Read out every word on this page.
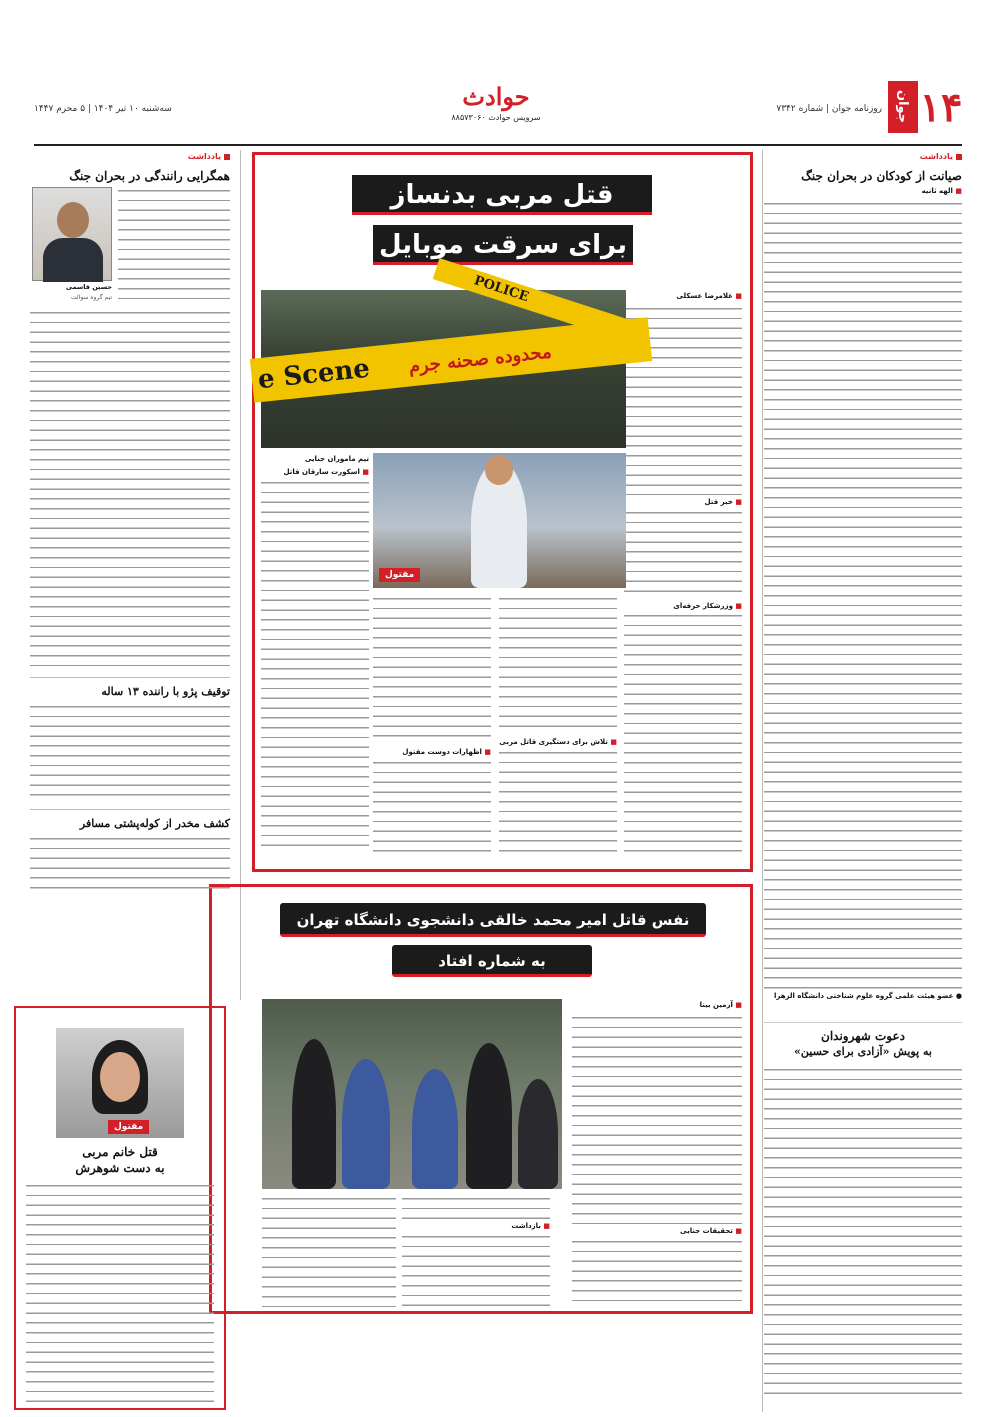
۱۴
جوان
روزنامه جوان | شماره ۷۳۴۲
حوادث
سرویس حوادث ۸۸۵۷۳۰۶۰
سه‌شنبه ۱۰ تیر ۱۴۰۴ | ۵ محرم ۱۴۴۷
یادداشت
صیانت از کودکان در بحران جنگ
■ الهه ثانیه
● عضو هیئت علمی گروه علوم شناختی دانشگاه الزهرا
دعوت شهروندان
به پویش «آزادی برای حسین»
قتل مربی بدنساز
برای سرقت موبایل
■ غلامرضا عسکلی
■ خبر قتل
■ وزرشکار حرفه‌ای
e Scene محدوده صحنه جرم
POLICE
مقتول
تیم ماموران جنایی
■ اسکورت سارقان قاتل
■ اظهارات دوست مقتول
■ تلاش برای دستگیری قاتل مربی
نفس قاتل امیر محمد خالقی دانشجوی دانشگاه تهران
به شماره افتاد
■ آرمین بینا
■ تحقیقات جنایی
■ بازداشت
یادداشت
همگرایی رانندگی در بحران جنگ
حسین قاسمی
تیم گروه سوالت
توقیف پژو با راننده ۱۳ ساله
کشف مخدر از کوله‌پشتی مسافر
مقتول
قتل خانم مربی
به دست شوهرش
